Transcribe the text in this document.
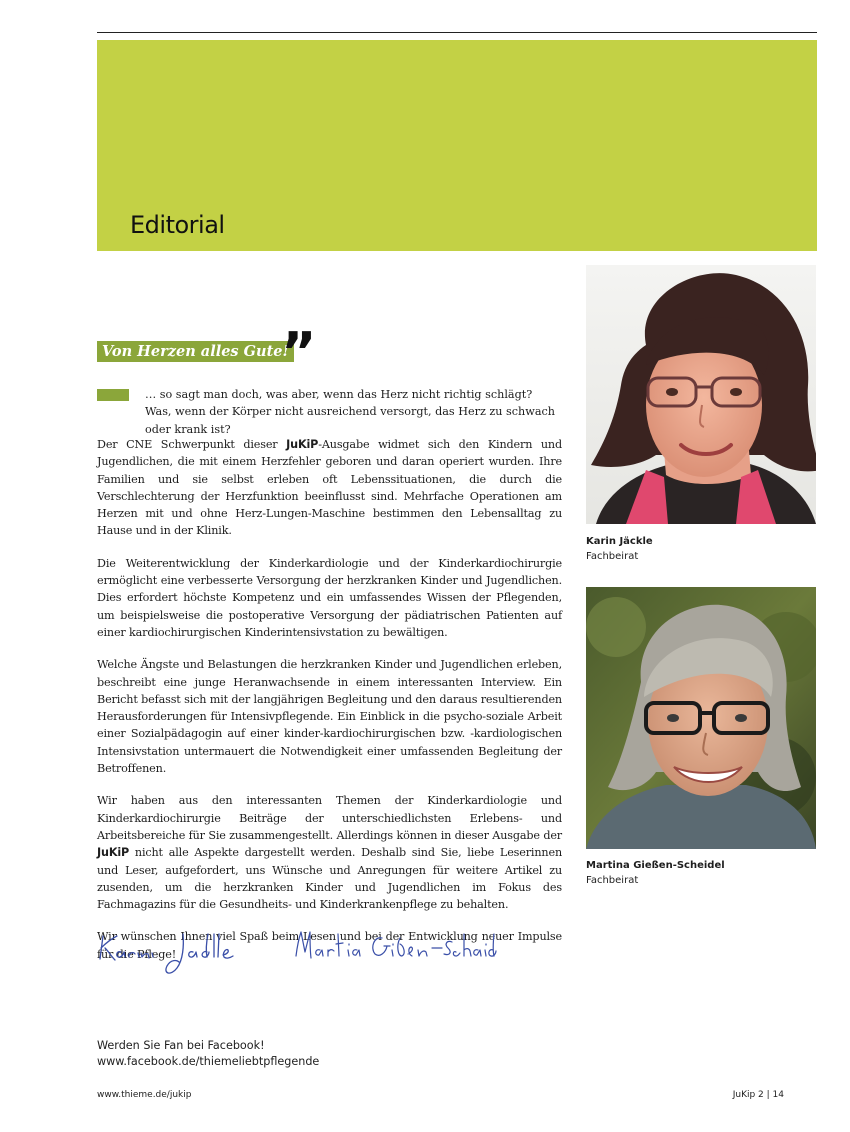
Editorial
Von Herzen alles Gute!
”

… so sagt man doch, was aber, wenn das Herz nicht richtig schlägt? Was, wenn der Körper nicht ausreichend versorgt, das Herz zu schwach oder krank ist?

Der CNE Schwerpunkt dieser JuKiP-Ausgabe widmet sich den Kindern und Jugendlichen, die mit einem Herzfehler geboren und daran operiert wurden. Ihre Familien und sie selbst erleben oft Lebenssituationen, die durch die Verschlechterung der Herzfunktion beeinflusst sind. Mehrfache Operationen am Herzen mit und ohne Herz-Lungen-Maschine bestimmen den Lebensalltag zu Hause und in der Klinik.

Die Weiterentwicklung der Kinderkardiologie und der Kinderkardiochirurgie ermöglicht eine verbesserte Versorgung der herzkranken Kinder und Jugendlichen. Dies erfordert höchste Kompetenz und ein umfassendes Wissen der Pflegenden, um beispielsweise die postoperative Versorgung der pädiatrischen Patienten auf einer kardiochirurgischen Kinderintensivstation zu bewältigen.

Welche Ängste und Belastungen die herzkranken Kinder und Jugendlichen erleben, beschreibt eine junge Heranwachsende in einem interessanten Interview. Ein Bericht befasst sich mit der langjährigen Begleitung und den daraus resultierenden Herausforderungen für Intensivpflegende. Ein Einblick in die psycho-soziale Arbeit einer Sozialpädagogin auf einer kinder-kardiochirurgischen bzw. -kardiologischen Intensivstation untermauert die Notwendigkeit einer umfassenden Begleitung der Betroffenen.

Wir haben aus den interessanten Themen der Kinderkardiologie und Kinderkardiochirurgie Beiträge der unterschiedlichsten Erlebens- und Arbeitsbereiche für Sie zusammengestellt. Allerdings können in dieser Ausgabe der JuKiP nicht alle Aspekte dargestellt werden. Deshalb sind Sie, liebe Leserinnen und Leser, aufgefordert, uns Wünsche und Anregungen für weitere Artikel zu zusenden, um die herzkranken Kinder und Jugendlichen im Fokus des Fachmagazins für die Gesundheits- und Kinderkrankenpflege zu behalten.

Wir wünschen Ihnen viel Spaß beim Lesen und bei der Entwicklung neuer Impulse für die Pflege!

Werden Sie Fan bei Facebook!
www.facebook.de/thiemeliebtpflegende
www.thieme.de/jukip	JuKip 2 | 14
Karin Jäckle
Fachbeirat
Martina Gießen-Scheidel
Fachbeirat
